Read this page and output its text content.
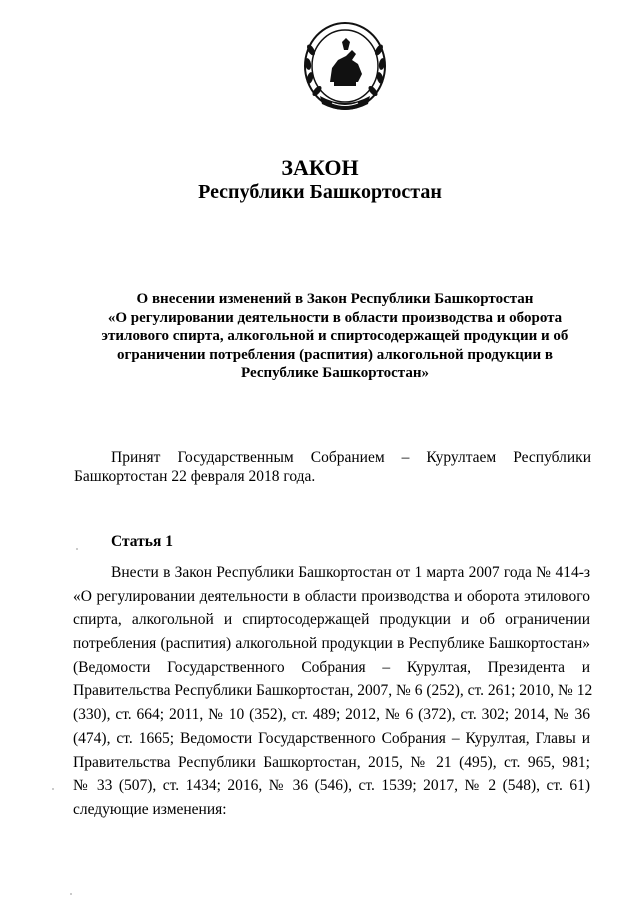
ЗАКОН
Республики Башкортостан
О внесении изменений в Закон Республики Башкортостан
«О регулировании деятельности в области производства и оборота
этилового спирта, алкогольной и спиртосодержащей продукции и об
ограничении потребления (распития) алкогольной продукции в
Республике Башкортостан»
Принят Государственным Собранием – Курултаем Республики
Башкортостан 22 февраля 2018 года.
Статья 1
Внести в Закон Республики Башкортостан от 1 марта 2007 года № 414-з
«О регулировании деятельности в области производства и оборота этилового
спирта, алкогольной и спиртосодержащей продукции и об ограничении
потребления (распития) алкогольной продукции в Республике Башкортостан»
(Ведомости Государственного Собрания – Курултая, Президента и
Правительства Республики Башкортостан, 2007, № 6 (252), ст. 261; 2010, № 12
(330), ст. 664; 2011, № 10 (352), ст. 489; 2012, № 6 (372), ст. 302; 2014, № 36
(474), ст. 1665; Ведомости Государственного Собрания – Курултая, Главы и
Правительства Республики Башкортостан, 2015, № 21 (495), ст. 965, 981;
№ 33 (507), ст. 1434; 2016, № 36 (546), ст. 1539; 2017, № 2 (548), ст. 61)
следующие изменения:
